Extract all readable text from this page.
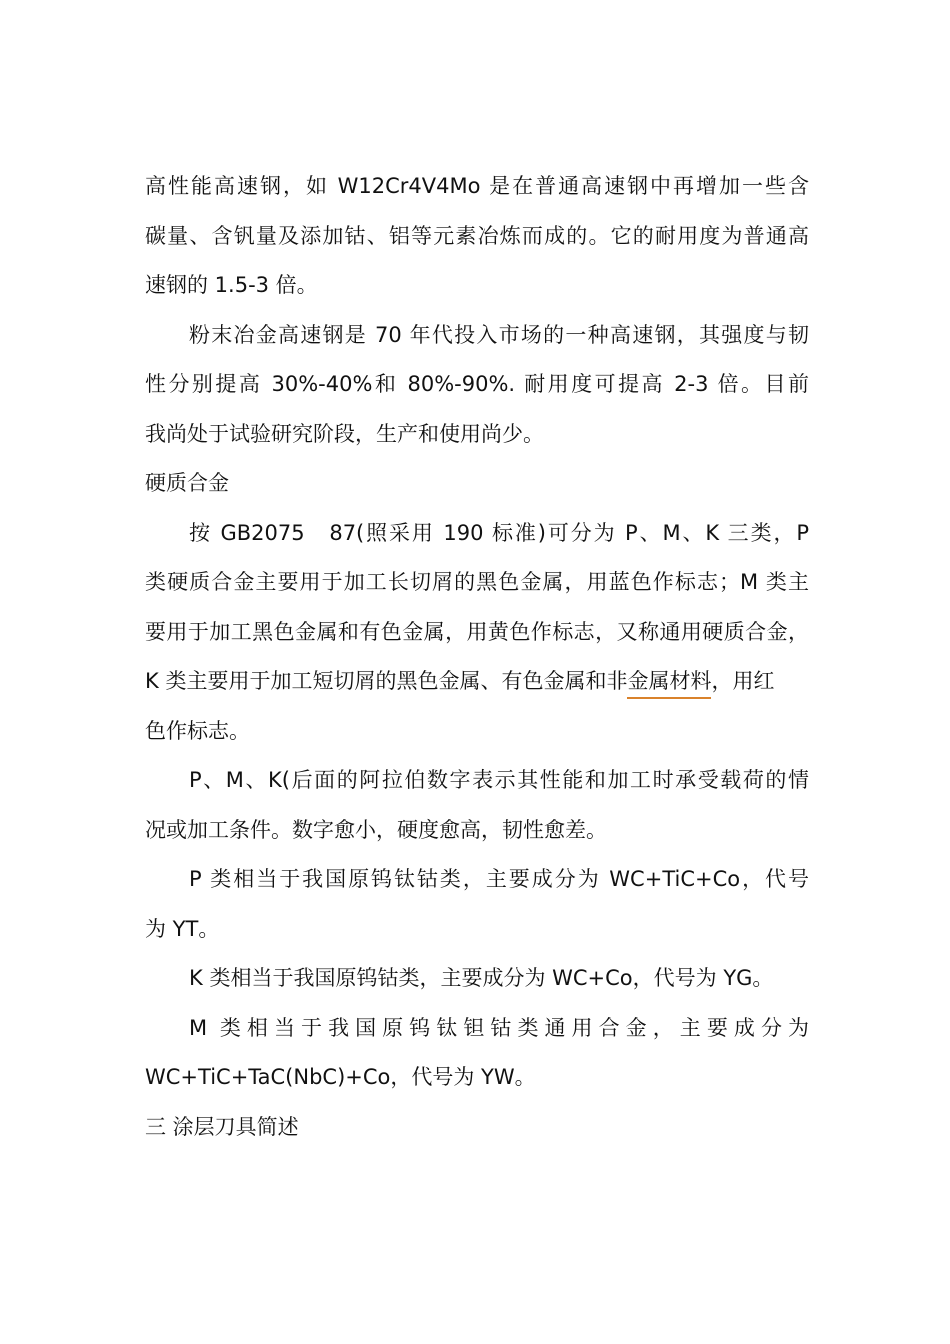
高性能高速钢，如 W12Cr4V4Mo 是在普通高速钢中再增加一些含
碳量、含钒量及添加钴、铝等元素冶炼而成的。它的耐用度为普通高
速钢的 1.5-3 倍。
粉末冶金高速钢是 70 年代投入市场的一种高速钢，其强度与韧
性分别提高 30%-40%和 80%-90%. 耐用度可提高 2-3 倍。目前
我尚处于试验研究阶段，生产和使用尚少。
硬质合金
按 GB2075　87(照采用 190 标准)可分为 P、M、K 三类，P
类硬质合金主要用于加工长切屑的黑色金属，用蓝色作标志；M 类主
要用于加工黑色金属和有色金属，用黄色作标志，又称通用硬质合金，
K 类主要用于加工短切屑的黑色金属、有色金属和非金属材料，用红
色作标志。
P、M、K(后面的阿拉伯数字表示其性能和加工时承受载荷的情
况或加工条件。数字愈小，硬度愈高，韧性愈差。
P 类相当于我国原钨钛钴类，主要成分为 WC+TiC+Co，代号
为 YT。
K 类相当于我国原钨钴类，主要成分为 WC+Co，代号为 YG。
M 类相当于我国原钨钛钽钴类通用合金，主要成分为
WC+TiC+TaC(NbC)+Co，代号为 YW。
三 涂层刀具简述
